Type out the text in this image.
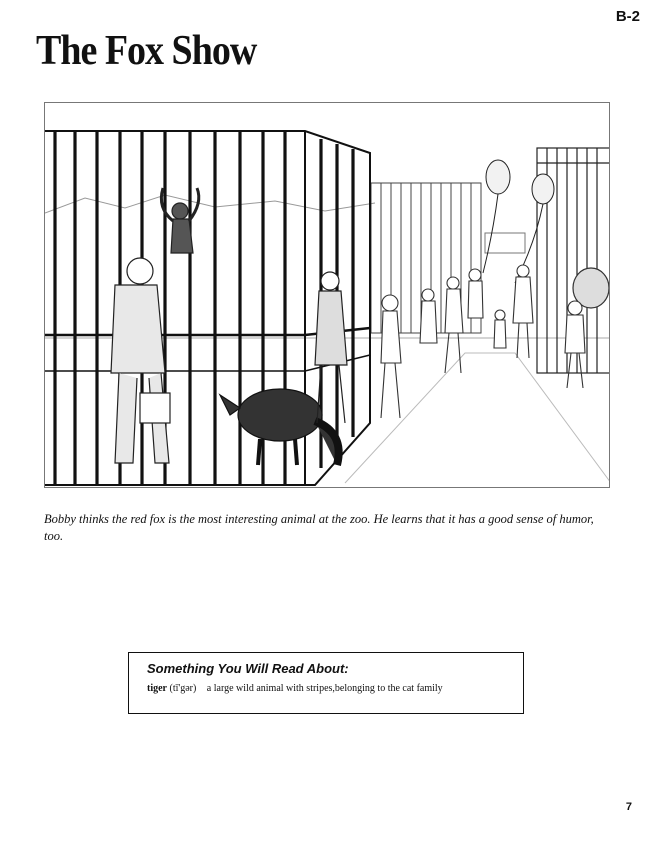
B-2
The Fox Show

Bobby thinks the red fox is the most interesting animal at the zoo. He learns that it has a good sense of humor, too.

Something You Will Read About:

tiger (tī'gər) a large wild animal with stripes,belonging to the cat family

7
